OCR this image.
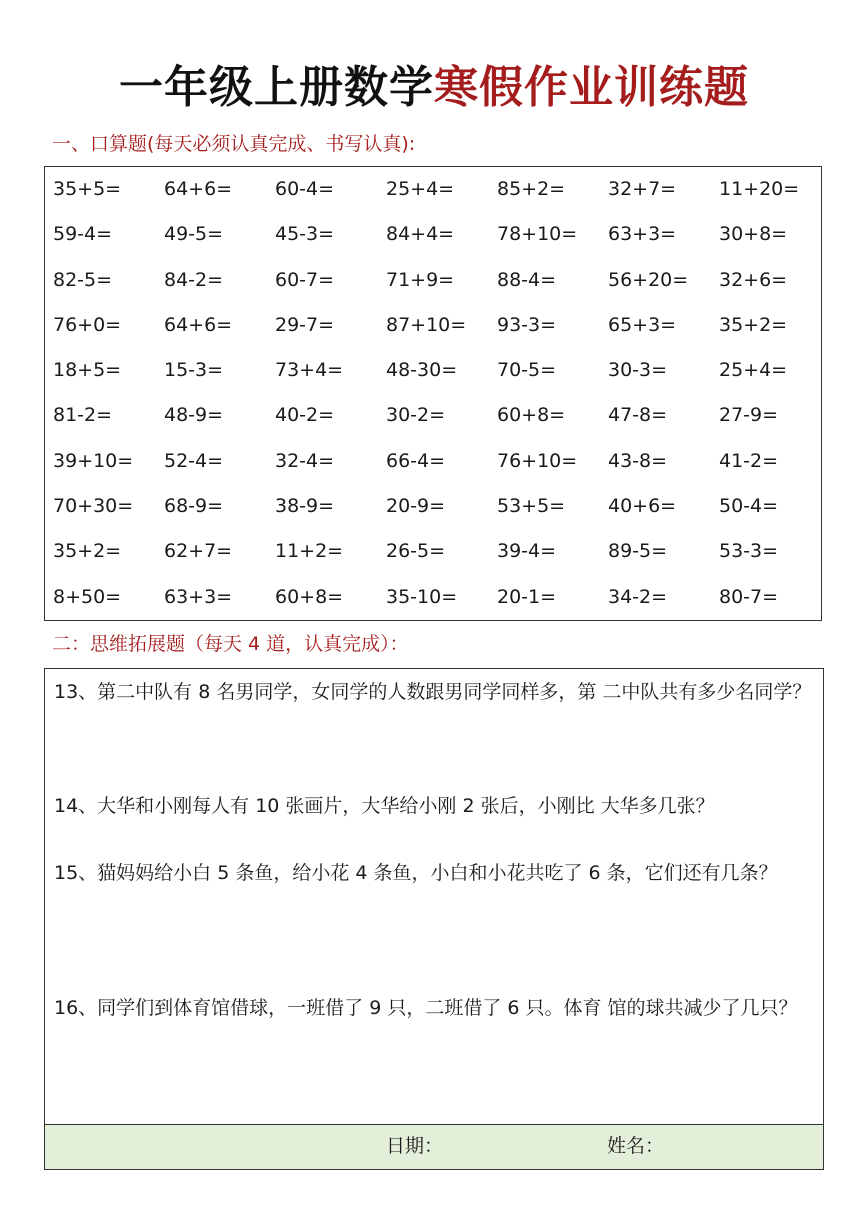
一年级上册数学寒假作业训练题
一、口算题(每天必须认真完成、书写认真):
35+5=	64+6=	60-4=	25+4=	85+2=	32+7=	11+20=
59-4=	49-5=	45-3=	84+4=	78+10=	63+3=	30+8=
82-5=	84-2=	60-7=	71+9=	88-4=	56+20=	32+6=
76+0=	64+6=	29-7=	87+10=	93-3=	65+3=	35+2=
18+5=	15-3=	73+4=	48-30=	70-5=	30-3=	25+4=
81-2=	48-9=	40-2=	30-2=	60+8=	47-8=	27-9=
39+10=	52-4=	32-4=	66-4=	76+10=	43-8=	41-2=
70+30=	68-9=	38-9=	20-9=	53+5=	40+6=	50-4=
35+2=	62+7=	11+2=	26-5=	39-4=	89-5=	53-3=
8+50=	63+3=	60+8=	35-10=	20-1=	34-2=	80-7=
二：思维拓展题（每天 4 道，认真完成）：
13、第二中队有 8 名男同学，女同学的人数跟男同学同样多，第 二中队共有多少名同学？
14、大华和小刚每人有 10 张画片，大华给小刚 2 张后，小刚比 大华多几张？
15、猫妈妈给小白 5 条鱼，给小花 4 条鱼，小白和小花共吃了 6 条，它们还有几条？
16、同学们到体育馆借球，一班借了 9 只，二班借了 6 只。体育 馆的球共减少了几只？
日期：	姓名：
